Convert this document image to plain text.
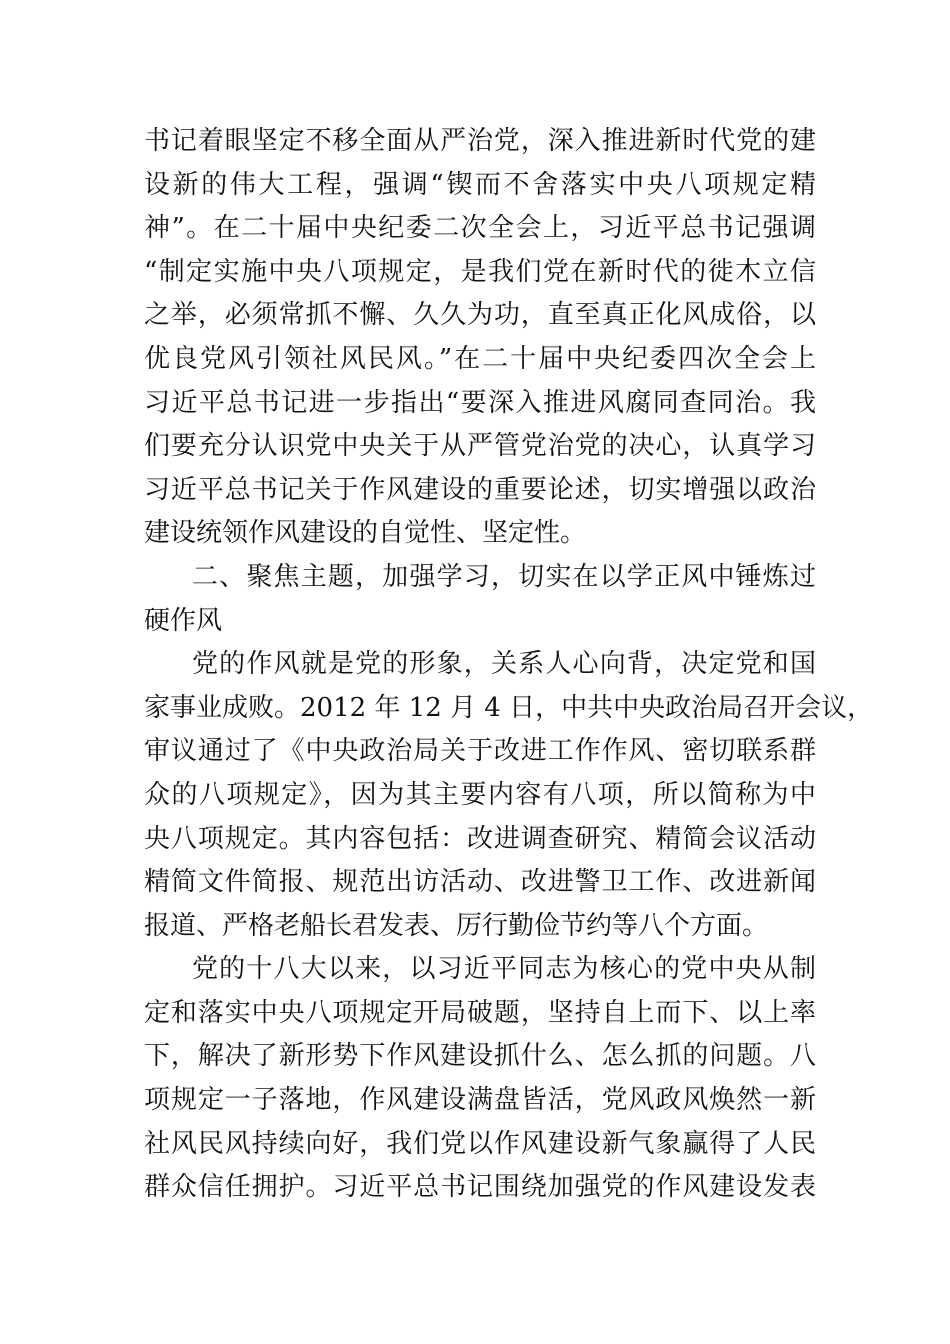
书记着眼坚定不移全面从严治党，深入推进新时代党的建
设新的伟大工程，强调“锲而不舍落实中央八项规定精
神”。在二十届中央纪委二次全会上，习近平总书记强调
“制定实施中央八项规定，是我们党在新时代的徙木立信
之举，必须常抓不懈、久久为功，直至真正化风成俗，以
优良党风引领社风民风。”在二十届中央纪委四次全会上
习近平总书记进一步指出“要深入推进风腐同查同治。我
们要充分认识党中央关于从严管党治党的决心，认真学习
习近平总书记关于作风建设的重要论述，切实增强以政治
建设统领作风建设的自觉性、坚定性。
二、聚焦主题，加强学习，切实在以学正风中锤炼过
硬作风
党的作风就是党的形象，关系人心向背，决定党和国
家事业成败。2012 年 12 月 4 日，中共中央政治局召开会议，
审议通过了《中央政治局关于改进工作作风、密切联系群
众的八项规定》，因为其主要内容有八项，所以简称为中
央八项规定。其内容包括：改进调查研究、精简会议活动
精简文件简报、规范出访活动、改进警卫工作、改进新闻
报道、严格老船长君发表、厉行勤俭节约等八个方面。
党的十八大以来，以习近平同志为核心的党中央从制
定和落实中央八项规定开局破题，坚持自上而下、以上率
下，解决了新形势下作风建设抓什么、怎么抓的问题。八
项规定一子落地，作风建设满盘皆活，党风政风焕然一新
社风民风持续向好，我们党以作风建设新气象赢得了人民
群众信任拥护。习近平总书记围绕加强党的作风建设发表
